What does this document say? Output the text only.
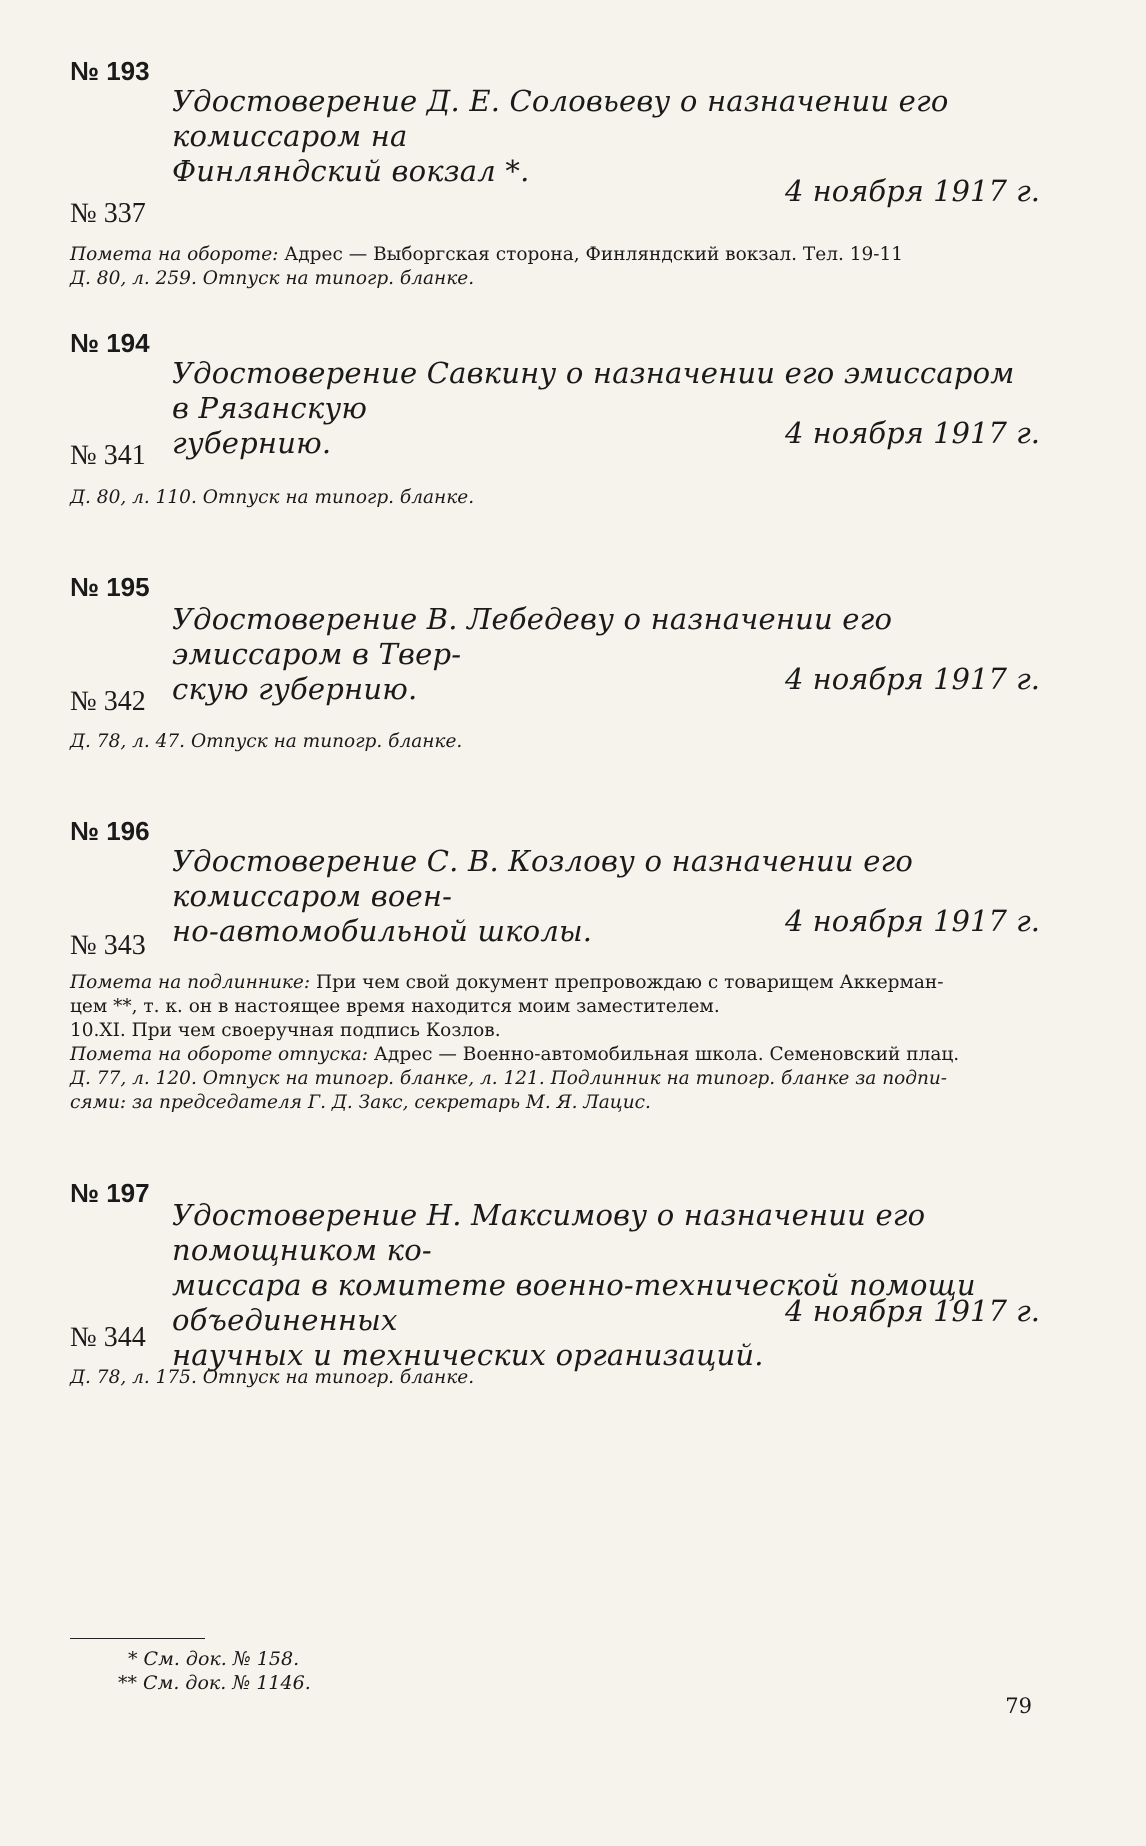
№ 193
Удостоверение Д. Е. Соловьеву о назначении его комиссаром на
Финляндский вокзал *.
4 ноября 1917 г.
№ 337
Помета на обороте: Адрес — Выборгская сторона, Финляндский вокзал. Тел. 19-11
Д. 80, л. 259. Отпуск на типогр. бланке.
№ 194
Удостоверение Савкину о назначении его эмиссаром в Рязанскую
губернию.	4 ноября 1917 г.
№ 341
Д. 80, л. 110. Отпуск на типогр. бланке.
№ 195
Удостоверение В. Лебедеву о назначении его эмиссаром в Твер-
скую губернию.	4 ноября 1917 г.
№ 342
Д. 78, л. 47. Отпуск на типогр. бланке.
№ 196
Удостоверение С. В. Козлову о назначении его комиссаром воен-
но-автомобильной школы.	4 ноября 1917 г.
№ 343
Помета на подлиннике: При чем свой документ препровождаю с товарищем Аккерман-
цем **, т. к. он в настоящее время находится моим заместителем.
10.XI. При чем своеручная подпись Козлов.
Помета на обороте отпуска: Адрес — Военно-автомобильная школа. Семеновский плац.
Д. 77, л. 120. Отпуск на типогр. бланке, л. 121. Подлинник на типогр. бланке за подпи-
сями: за председателя Г. Д. Закс, секретарь М. Я. Лацис.
№ 197
Удостоверение Н. Максимову о назначении его помощником ко-
миссара в комитете военно-технической помощи объединенных
научных и технических организаций.
4 ноября 1917 г.
№ 344
Д. 78, л. 175. Отпуск на типогр. бланке.
* См. док. № 158.
** См. док. № 1146.
79
